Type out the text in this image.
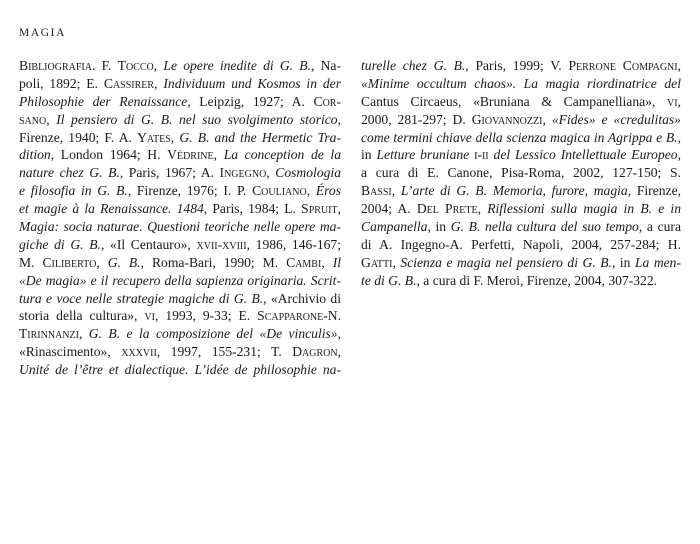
MAGIA
Bibliografia. F. Tocco, Le opere inedite di G. B., Na-
poli, 1892; E. Cassirer, Individuum und Kosmos in der
Philosophie der Renaissance, Leipzig, 1927; A. Cor-
sano, Il pensiero di G. B. nel suo svolgimento storico,
Firenze, 1940; F. A. Yates, G. B. and the Hermetic Tra-
dition, London 1964; H. Védrine, La conception de la
nature chez G. B., Paris, 1967; A. Ingegno, Cosmologia
e filosofia in G. B., Firenze, 1976; I. P. Couliano, Éros
et magie à la Renaissance. 1484, Paris, 1984; L. Spruit,
Magia: socia naturae. Questioni teoriche nelle opere ma-
giche di G. B., «Il Centauro», xvii-xviii, 1986, 146-167;
M. Ciliberto, G. B., Roma-Bari, 1990; M. Cambi, Il
«De magia» e il recupero della sapienza originaria. Scrit-
tura e voce nelle strategie magiche di G. B., «Archivio di
storia della cultura», vi, 1993, 9-33; E. Scapparone-N.
Tirinnanzi, G. B. e la composizione del «De vinculis»,
«Rinascimento», xxxvii, 1997, 155-231; T. Dagron,
Unité de l’être et dialectique. L’idée de philosophie na-
turelle chez G. B., Paris, 1999; V. Perrone Compagni,
«Minime occultum chaos». La magia riordinatrice del
Cantus Circaeus, «Bruniana & Campanelliana», vi,
2000, 281-297; D. Giovannozzi, «Fides» e «credulitas»
come termini chiave della scienza magica in Agrippa e B.,
in Letture bruniane i-ii del Lessico Intellettuale Europeo,
a cura di E. Canone, Pisa-Roma, 2002, 127-150; S.
Bassi, L’arte di G. B. Memoria, furore, magia, Firenze,
2004; A. Del Prete, Riflessioni sulla magia in B. e in
Campanella, in G. B. nella cultura del suo tempo, a cura
di A. Ingegno-A. Perfetti, Napoli, 2004, 257-284; H.
Gatti, Scienza e magia nel pensiero di G. B., in La men-
te di G. B., a cura di F. Meroi, Firenze, 2004, 307-322.
